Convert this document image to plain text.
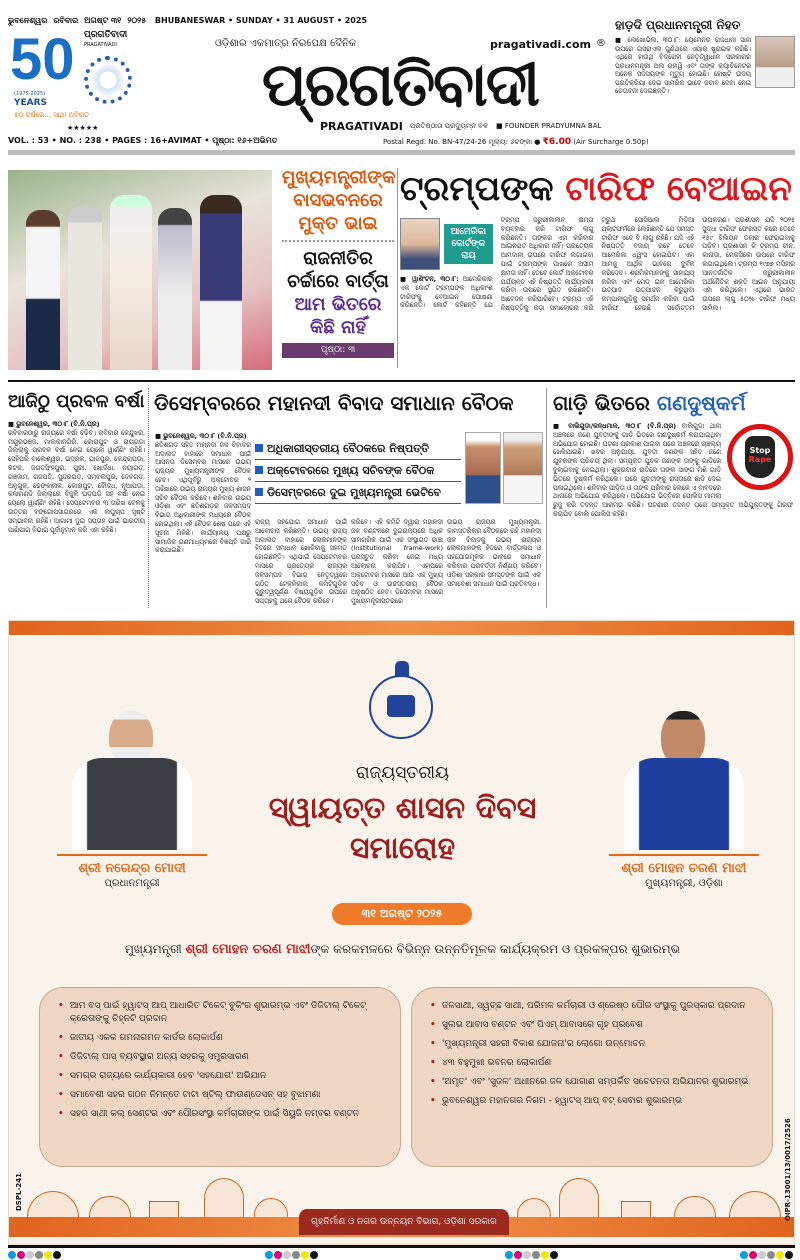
ଭୁବନେଶ୍ୱର ରବିବାର ଅଗଷ୍ଟ ୩୧ ୨୦୨୫ BHUBANESWAR • SUNDAY • 31 AUGUST • 2025
50 ପ୍ରଗତିବାଦୀ
PRAGATIVADI
(1975-2025)
YEARS
୫୦ ବର୍ଷରେ... ସାଥୀ ଅବିରତ
★★★★★
VOL. : 53 • NO. : 238 • PAGES : 16+AVIMAT • ପୃଷ୍ଠା: ୧୬+ଅଭିମତ
ଓଡ଼ିଶାର ଏକମାତ୍ର ନିରପେକ୍ଷ ଦୈନିକ	pragativadi.com ®
ପ୍ରଗତିବାଦୀ
PRAGATIVADI ପ୍ରତିଷ୍ଠାତା ପ୍ରଦ୍ୟୁମ୍ନ ବଳ ■ FOUNDER PRADYUMNA BAL
Postal Regd. No. BN-47/24-26 ମୂଲ୍ୟ: ୬ଟଙ୍କା ● ₹6.00 (Air Surcharge 0.50p)
ହାଡ଼ଦି ପ୍ରଧାନମନ୍ତ୍ରୀ ନିହତ

■ ଲେଖୋଭିଲ, ୩୦।୮: ୟେମେନର ରାଜଧାନୀ ସାନା ଉପରେ ଇସ୍ରାଏଲ ପୁଣିଥରେ ଏୟାର ଷ୍ଟ୍ରାଇକ କରିଛି। ଏଥିରେ ହାଉଥି ବିଦ୍ରୋହୀ ନେତୃତ୍ୱାଧୀନ ସରକାରର ପ୍ରଧାନମନ୍ତ୍ରୀ ଅଲ ରହାୱି ଏବଂ ତାଙ୍କ କ୍ୟାବିନେଟର ଅନେକ ସଦସ୍ୟଙ୍କ ମୃତ୍ୟୁ ହୋଇଛି। ହୋଷ୍ଟି ଉଦୟ ପ୍ରତିକ୍ରିୟା ଦେଇ ସାମରିକ ଭାବେ ଜବାବ ଦେବା ନେଇ ଚେତାବନୀ ଦେଇଛନ୍ତି।

ମୁଖ୍ୟମନ୍ତ୍ରୀଙ୍କ ବାସଭବନରେ ମୁକ୍ତ ଭାଇ
ରାଜନୀତିର ଚର୍ଚ୍ଚାରେ ବାର୍ତ୍ତା
ଆମ ଭିତରେ କିଛି ନାହିଁ
ପୃଷ୍ଠା: ୩
ଟ୍ରମ୍ପଙ୍କ ଟାରିଫ ବେଆଇନ
ଆମେରିକା କୋର୍ଟଙ୍କ ରାୟ
■ ୱାଶିଂଟନ, ୩୦।୮: ଆମେରିକାର ଏକ କୋର୍ଟ ଟ୍ରମ୍ପଙ୍କ ଅଧିକାଂଶ ଟାରିଫକୁ ବେଆଇନ ଘୋଷଣା କରିଛନ୍ତି। କୋର୍ଟ କହିଛନ୍ତି ଯେ ଟ୍ରମ୍ପ ଜରୁରୀକାଳୀନ କ୍ଷମତା ବ୍ୟବହାର କରି ଟାରିଫ ଲାଗୁ କରିଛନ୍ତି। ତାଙ୍କର ଏହା କରିବାର ଆଇନଗତ ଅଧିକାର ନାହିଁ। ପ୍ରତ୍ୟେକ ଆମଦାନୀ ଉପରେ ଟାରିଫ ଲଗାଇବା ପାଇଁ ଟ୍ରମ୍ପଙ୍କ ପାଖରେ ଅସୀମ କ୍ଷମତା ନାହିଁ। ତେବେ କୋର୍ଟ ଅକ୍ଟୋବର ପର୍ଯ୍ୟନ୍ତ ଏହି ନିଷ୍ପତ୍ତି କାର୍ଯ୍ୟକାରୀ କରିବା ଉପରେ ସ୍ଥଗିତ ରଖିଛନ୍ତି। ଆବେଦନ କରିପାରିବେ। ଟ୍ରମ୍ପ ଏହି ନିଷ୍ପତ୍ତିକୁ କଡ଼ା ସମାଲୋଚନା କରି ଟ୍ରୁଥ ସୋସିଆଲ ମିଡିଆ ପ୍ଲାଟଫର୍ମରେ ଲେଖିଛନ୍ତି ଯେ ସମସ୍ତ ଟାରିଫ ଏବେ ବି ଲାଗୁ ରହିଛି। ଯଦି ଏହି ନିଷ୍ପତ୍ତି ବଜାୟ ରହେ ତେବେ ଆମେରିକା ଧ୍ୱଂସ ହୋଇଯିବ। ଏହା ଆମକୁ ଆର୍ଥିକ ଭାବରେ ଦୁର୍ବଳ କରିଦେବ। ଶ୍ରମିକମାନଙ୍କୁ ସାହାଯ୍ୟ କରିବା ଏବଂ ମେଡ୍ ଇନ୍ ଆମେରିକା ଉତ୍ପାଦ ଉତ୍ପାଦନ କରୁଥିବା କମ୍ପାନୀଗୁଡ଼ିକୁ ସମର୍ଥନ କରିବା ପାଇଁ ଟାରିଫ ହେଉଛି ସର୍ବୋତ୍ତମ ଉପକରଣ। ପ୍ରଶାସନ ଯଦି ୨୦୨୫ ସୁଦ୍ଧା ଟାରିଫ ଫେରସ୍ତ କରେ ତେବେ ୧୫୯ ବିଲିୟନ ଡଲାର ଫେରାଇବାକୁ ପଡ଼ିବ। ପ୍ରଶାସନ କି ଟ୍ରମ୍ପ ଚୀନ, କାନାଡା, ମେକ୍ସିକୋ ଉପରେ ଟାରିଫ ଲଗାଇଥିଲେ। ଟ୍ରମ୍ପ ୧୯୭୭ ମସିହାର ଆନ୍ତର୍ଜାତିକ ଜରୁରୀକାଳୀନ ଅର୍ଥନୈତିକ ଶକ୍ତି ଆଇନ ଅନୁଯାୟୀ ଏହା କରିଥିଲେ। ଏଥିରେ ଭାରତ ଉପରେ ଲାଗୁ ୫୦% ଟାରିଫ ମଧ୍ୟ ସାମିଲ।
ଆଜିଠୁ ପ୍ରବଳ ବର୍ଷା
■ ଭୁବନେଶ୍ୱର, ୩୦।୮ (ବି.ନି.ପ୍ର)
ରବିବାରଠାରୁ ରାଜ୍ୟରେ ବର୍ଷା ବଢ଼ିବ। ରବିବାର କେନ୍ଦୁଝର, ମୟୂରଭଞ୍ଜ, ମାଲକାନଗିରି, କୋରାପୁଟ ଓ ରାୟଗଡ଼ା ଜିଲ୍ଲାକୁ ପ୍ରବଳ ବର୍ଷା ନେଇ ୟେଲୋ ୱାର୍ଣ୍ଣିଂ ରହିଛି। ସେହିପରି ବାଲେଶ୍ୱର, ଭଦ୍ରକ, ଯାଜପୁର, କେନ୍ଦ୍ରାପଡ଼ା, କଟକ, ଜଗତସିଂହପୁର, ପୁରୀ, ଖୋର୍ଦ୍ଧା, ନୟାଗଡ଼, ଗଞ୍ଜାମ, ଗଜପତି, ସୁନ୍ଦରଗଡ଼, ସମ୍ବଲପୁର, ଦେବଗଡ଼, ଅନୁଗୁଳ, ଢେଙ୍କାନାଳ, କୋରାପୁଟ, ବୌଦ୍ଧ, ନୂଆପଡ଼ା, କଳାହାଣ୍ଡି ଜିଲ୍ଲାରେ ବିଜୁଳି ଘଡ଼ଘଡ଼ି ସହ ବର୍ଷା ନେଇ ୟେଲୋ ୱାର୍ଣ୍ଣିଂ ରହିଛି। ସେପ୍ଟେମ୍ବର ୩ ତାରିଖ ବେଳକୁ ଉତ୍ତର ବଙ୍ଗୋପସାଗରରେ ଏକ ଲଘୁଚାପ ସୃଷ୍ଟି ସମ୍ଭାବନା ରହିଛି। ଆଗାମୀ ଦୁଇ ସପ୍ତାହ ପାଇଁ ଭାରତୀୟ ପାଣିପାଗ ବିଭାଗ ପୂର୍ବାନୁମାନ କରି ଏହା କହିଛି।
ଡିସେମ୍ବରରେ ମହାନଦୀ ବିବାଦ ସମାଧାନ ବୈଠକ
■ ଭୁବନେଶ୍ୱର, ୩୦।୮ (ବି.ନି.ପ୍ର)
ଛତିଶଗଡ଼ ସହିତ ମହାନଦୀ ଜଳ ବିବାଦର ଅଦାଲତ ବାହାରେ ସମାଧାନ ପାଇଁ ଆସନ୍ତା ଡିସେମ୍ବର ମାସରେ ଉଭୟ ରାଜ୍ୟର ମୁଖ୍ୟମନ୍ତ୍ରୀଙ୍କ ବୈଠକ ହେବ। ଏଥିପୂର୍ବରୁ ଅକ୍ଟୋବର ୨ ତାରିଖରେ ଉଭୟ ରାଜ୍ୟର ମୁଖ୍ୟ ଶାସନ ସଚିବ ବୈଠକ କରିବେ। ଶନିବାର ଉଭୟ ଓଡ଼ିଶା ଏବଂ ଛତିଶଗଡ଼ର ଜଳସମ୍ପଦ ବିଭାଗ ଅଧିକାରୀଙ୍କ ମଧ୍ୟରେ ବୈଠକ ହୋଇଥିଲା। ଏହି ବୈଠକ ଶେଷ ପରେ ଏହି ସୂଚନା ମିଳିଛି। କାର୍ଯ୍ୟାଳୟ ପକ୍ଷରୁ ସାମାଜିକ ଗଣମାଧ୍ୟମରେ ବିଜ୍ଞପ୍ତି ଜାରି କରାଯାଇଛି।
ଅଧିକାରୀସ୍ତରୀୟ ବୈଠକରେ ନିଷ୍ପତ୍ତି
ଅକ୍ଟୋବରରେ ମୁଖ୍ୟ ସଚିବଙ୍କ ବୈଠକ
ଡିସେମ୍ବରରେ ଦୁଇ ମୁଖ୍ୟମନ୍ତ୍ରୀ ଭେଟିବେ
ରାଜ୍ୟ ସହଯୋଗ ସମାଧାନ ପାଇଁ ଆଲୋଚନା କରିଛନ୍ତି। ଉଭୟ ରାଜ୍ୟ ଅଦାଲତ ବାହାରେ ଲୋକମାନଙ୍କ ହିତରେ ସମାଧାନ ଖୋଜିବାକୁ ସହମତ ହୋଇଛନ୍ତି। ଏଥିପାଇଁ ସେପ୍ଟେମ୍ବର ମାସରେ ପ୍ରତ୍ୟେକ ରାଜ୍ୟର ଜଳସମ୍ପଦ ବିଭାଗ ନେତୃତ୍ୱରେ ଗଠିତ ଟେକ୍ନିକାଲ କମିଟିଗୁଡ଼ିକ ଗୁରୁତ୍ୱପୂର୍ଣ୍ଣ ବିଷୟଗୁଡ଼ିକ ଉପରେ ସପ୍ତାହକୁ ଥରେ ବୈଠକ କରିବେ।
କରିବେ। ଏହି କମିଟି ଦ୍ୱାରା ମହାନଦୀ ଜଳ ବଣ୍ଟନରେ ଦୁଇରାଜ୍ୟରେ ଅଧିକ ସାମଗ୍ରିକ ପାଇଁ ଏକ ସଂସ୍ଥାଗତ ଢାଞ୍ଚା (institutional frame-work) ପ୍ରସ୍ତୁତ କରିବା ନେଇ ମଧ୍ୟ ଆଲୋଚନା କରାଯିବ। ଏହାପରେ ଅକ୍ଟୋବର ମାସରେ ଆଉ ଏକ ମୁଖ୍ୟ ସଚିବ ଓ ଉଚ୍ଚସ୍ତରୀୟ ବୈଠକ ଅନୁଷ୍ଠିତ ହେବ। ଡିସେମ୍ବର ମାସରେ ମୁଖ୍ୟମନ୍ତ୍ରୀସ୍ତରରେ
ଉଭୟ ରାଜ୍ୟର ମୁଖ୍ୟମନ୍ତ୍ରୀ, କାମସ୍ତରିକର ବୈଠକରେ ରହି ମହାନଦୀ ଜଳ ବିବାଦକୁ ଉଭୟ ରାଜ୍ୟର ଲୋକମାନଙ୍କ ହିତରେ ବାର୍ତ୍ତାଳାପ ଓ ସହଯୋଗମୂଳକ ଭାବରେ ସମାଧାନ କରିବାର ପରବର୍ତ୍ତୀ ନିର୍ଣ୍ଣୟ କରିବେ। ଓଡ଼ିଶା ସରକାର ସମସ୍ତଙ୍କ ପାଇଁ ଏକ ସମାବେଶୀ ସମାଧାନ ପାଇଁ ପ୍ରତିବଦ୍ଧ।
ଗାଡ଼ି ଭିତରେ ଗଣଦୁଷ୍କର୍ମ
Stop
Rape
■ ବାଲିଗୁଡ଼ା/କନ୍ଧମାଳ, ୩୦।୮ (ବି.ନି.ପ୍ର) ବାଲିଗୁଡ଼ା ଥାନା ଅଞ୍ଚଳରେ ଜଣେ ଯୁବତୀଙ୍କୁ ଗାଡ଼ି ଭିତରେ ଗଣଦୁଷ୍କର୍ମ କରାଯାଇଥିବା ଅଭିଯୋଗ ହୋଇଛି। ଘଟଣା ପ୍ରକାଶ ପାଇବା ପରେ ଅଞ୍ଚଳରେ ଚାଞ୍ଚଲ୍ୟ ଖେଳିଯାଇଛି। ଖବର ଅନୁଯାୟୀ, ଯୁବତୀ ଜଣଙ୍କ ସହିତ ଜଣେ ଯୁବକଙ୍କ ପରିଚୟ ଥିଲା। ସମ୍ପୃକ୍ତ ଯୁବକ ଜଣଙ୍କ ତାଙ୍କୁ ଗାଡ଼ିରେ ବୁଲାଇବାକୁ ନେଇଥିଲା। ଶୁକ୍ରବାର ରାତିରେ ତାଙ୍କ ସାଙ୍ଗ ମିଶି ଗାଡ଼ି ଭିତରେ ଦୁଷ୍କର୍ମ କରିଥିଲେ। ପରେ ଯୁବତୀଙ୍କୁ ରାସ୍ତାରେ ଛାଡ଼ି ଦେଇ ପଳାଇଥିଲେ। ଶନିବାର ପୀଡ଼ିତା ଓ ତାଙ୍କ ପରିବାର ଲୋକେ ଏ ବାବଦରେ ଥାନାରେ ଅଭିଯୋଗ କରିଥିଲେ। ଅଭିଯୋଗ ଭିତ୍ତିରେ ପୋଲିସ ମାମଲା ରୁଜୁ କରି ତଦନ୍ତ ଆରମ୍ଭ କରିଛି। ଘଟଣାର ତଦନ୍ତ ପରେ ସମ୍ପୃକ୍ତ ଅଭିଯୁକ୍ତଙ୍କୁ ଗିରଫ କରାଯିବ ବୋଲି ପୋଲିସ କହିଛି।
ଶ୍ରୀ ନରେନ୍ଦ୍ର ମୋଦୀ
ପ୍ରଧାନମନ୍ତ୍ରୀ
ଶ୍ରୀ ମୋହନ ଚରଣ ମାଝୀ
ମୁଖ୍ୟମନ୍ତ୍ରୀ, ଓଡ଼ିଶା
ରାଜ୍ୟସ୍ତରୀୟ
ସ୍ୱାୟତ୍ତ ଶାସନ ଦିବସ
ସମାରୋହ
୩୧ ଅଗଷ୍ଟ ୨୦୨୫
ମୁଖ୍ୟମନ୍ତ୍ରୀ ଶ୍ରୀ ମୋହନ ଚରଣ ମାଝୀଙ୍କ କରକମଳରେ ବିଭିନ୍ନ ଉନ୍ନତିମୂଳକ କାର୍ଯ୍ୟକ୍ରମ ଓ ପ୍ରକଳ୍ପର ଶୁଭାରମ୍ଭ
• ଆମ ବସ୍ ପାଇଁ ହ୍ୱାଟସ୍ ଆପ୍ ଆଧାରିତ ଟିକେଟ୍ ବୁକିଂର ଶୁଭାରମ୍ଭ ଏବଂ ଡିଜିଟାଲ୍ ଟିକେଟ୍ କ୍ରେତାଙ୍କୁ ଚିହ୍ନଟି ପ୍ରଦାନ
• ଜାତୀୟ ଏକକ ଗମନାଗମନ କାର୍ଡର ଲୋକାର୍ପଣ
• ଡିଜିଟାଲ୍ ପାସ୍ ବ୍ୟବସ୍ଥାର ଅନ୍ୟ ସହରକୁ ସମ୍ପ୍ରସାରଣ
• ସମଗ୍ର ରାଜ୍ୟରେ କାର୍ଯ୍ୟକାରୀ ହେବ 'ସହଯୋଗ' ଅଭିଯାନ
• ସମାବେଶୀ ସହର ଗଠନ ନିମନ୍ତେ ଟାଟା ଷ୍ଟିଲ୍ ଫାଉଣ୍ଡେସନ୍ ସହ ବୁଝାମଣା
• ସହର ସାଥୀ କଲ୍ ସେଣ୍ଟର ଏବଂ ପୌରସଂସ୍ଥା କର୍ମଚାରୀଙ୍କ ପାଇଁ ସିୟୁଜି ନମ୍ବର ବଣ୍ଟନ
• ଜଳସାଥୀ, ସ୍ୱଚ୍ଛ ସାଥୀ, ପରିମଳ କର୍ମଚାରୀ ଓ ଶ୍ରେଷ୍ଠ ପୌର ସଂସ୍ଥାକୁ ପୁରସ୍କାର ପ୍ରଦାନ
• ସୁଲଭ ଆବାସ ବଣ୍ଟନ ଏବଂ ପିଏମ୍ ଆବାସରେ ଗୃହ ପ୍ରବେଶ
• 'ମୁଖ୍ୟମନ୍ତ୍ରୀ ସହରୀ ବିକାଶ ଯୋଜନା'ର ଲୋଗୋ ଉନ୍ମୋଚନ
• ୪୩ ବହୁମୁଖୀ ଭବନର ଲୋକାର୍ପଣ
• 'ଅମୃତ' ଏବଂ 'ସୁଜଳ' ଅଧୀନରେ ଜଳ ଯୋଗାଣ ସମ୍ପର୍କିତ ସଚେତନତା ଅଭିଯାନର ଶୁଭାରମ୍ଭ
• ଭୁବନେଶ୍ୱର ମହାନଗର ନିଗମ - ହ୍ୱାଟସ୍ ଆପ୍ ବଟ୍ ସେବାର ଶୁଭାରମ୍ଭ
ଗୃହନିର୍ମାଣ ଓ ନଗର ଉନ୍ନୟନ ବିଭାଗ, ଓଡ଼ିଶା ସରକାର
DSPL-241	OIPR-13001/13/0017/2526
